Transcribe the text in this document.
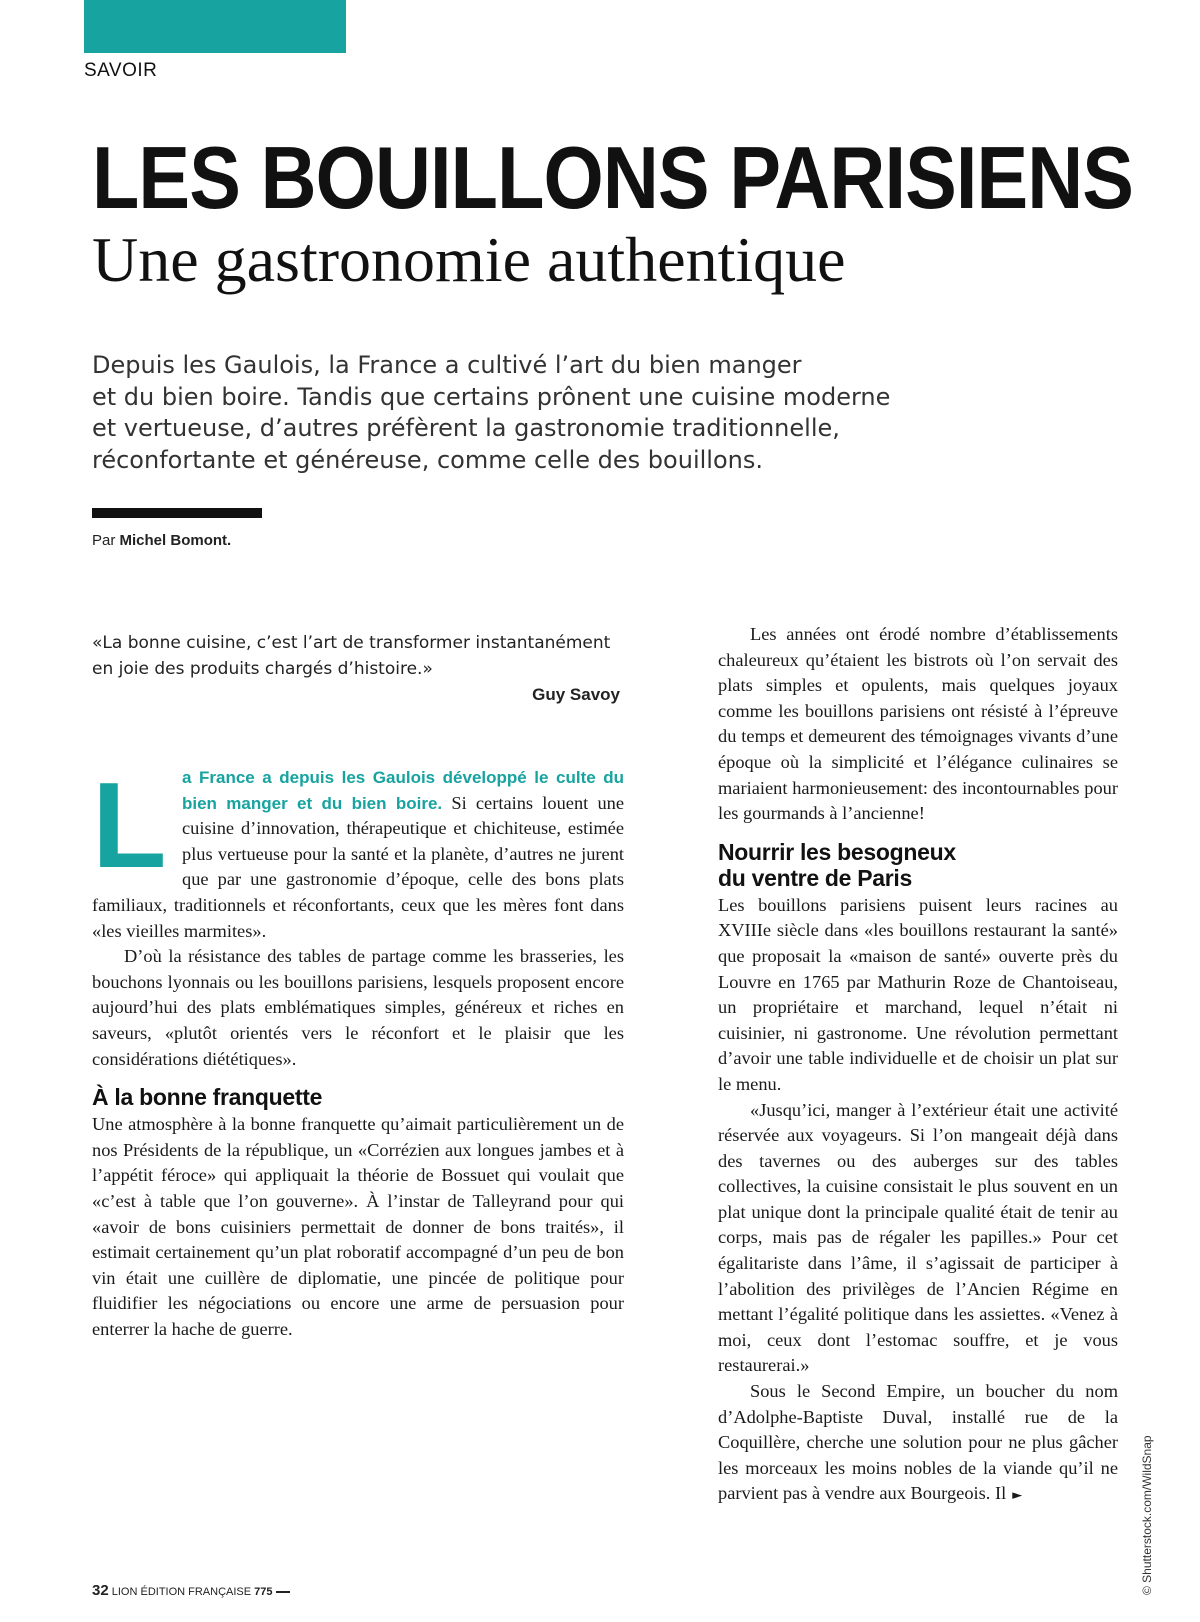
SAVOIR
LES BOUILLONS PARISIENS
Une gastronomie authentique
Depuis les Gaulois, la France a cultivé l’art du bien manger
et du bien boire. Tandis que certains prônent une cuisine moderne
et vertueuse, d’autres préfèrent la gastronomie traditionnelle,
réconfortante et généreuse, comme celle des bouillons.
Par Michel Bomont.
«La bonne cuisine, c’est l’art de transformer instantanément
en joie des produits chargés d’histoire.»
Guy Savoy

La France a depuis les Gaulois développé le culte du bien manger et du bien boire. Si certains louent une cuisine d’innovation, thérapeutique et chichiteuse, estimée plus vertueuse pour la santé et la planète, d’autres ne jurent que par une gastronomie d’époque, celle des bons plats familiaux, traditionnels et réconfortants, ceux que les mères font dans «les vieilles marmites».

D’où la résistance des tables de partage comme les brasseries, les bouchons lyonnais ou les bouillons parisiens, lesquels proposent encore aujourd’hui des plats emblématiques simples, généreux et riches en saveurs, «plutôt orientés vers le réconfort et le plaisir que les considérations diététiques».

À la bonne franquette

Une atmosphère à la bonne franquette qu’aimait particulièrement un de nos Présidents de la république, un «Corrézien aux longues jambes et à l’appétit féroce» qui appliquait la théorie de Bossuet qui voulait que «c’est à table que l’on gouverne». À l’instar de Talleyrand pour qui «avoir de bons cuisiniers permettait de donner de bons traités», il estimait certainement qu’un plat roboratif accompagné d’un peu de bon vin était une cuillère de diplomatie, une pincée de politique pour fluidifier les négociations ou encore une arme de persuasion pour enterrer la hache de guerre.

Les années ont érodé nombre d’établissements chaleureux qu’étaient les bistrots où l’on servait des plats simples et opulents, mais quelques joyaux comme les bouillons parisiens ont résisté à l’épreuve du temps et demeurent des témoignages vivants d’une époque où la simplicité et l’élégance culinaires se mariaient harmonieusement: des incontournables pour les gourmands à l’ancienne!

Nourrir les besogneux
du ventre de Paris

Les bouillons parisiens puisent leurs racines au XVIIIe siècle dans «les bouillons restaurant la santé» que proposait la «maison de santé» ouverte près du Louvre en 1765 par Mathurin Roze de Chantoiseau, un propriétaire et marchand, lequel n’était ni cuisinier, ni gastronome. Une révolution permettant d’avoir une table individuelle et de choisir un plat sur le menu.

«Jusqu’ici, manger à l’extérieur était une activité réservée aux voyageurs. Si l’on mangeait déjà dans des tavernes ou des auberges sur des tables collectives, la cuisine consistait le plus souvent en un plat unique dont la principale qualité était de tenir au corps, mais pas de régaler les papilles.» Pour cet égalitariste dans l’âme, il s’agissait de participer à l’abolition des privilèges de l’Ancien Régime en mettant l’égalité politique dans les assiettes. «Venez à moi, ceux dont l’estomac souffre, et je vous restaurerai.»

Sous le Second Empire, un boucher du nom d’Adolphe-Baptiste Duval, installé rue de la Coquillère, cherche une solution pour ne plus gâcher les morceaux les moins nobles de la viande qu’il ne parvient pas à vendre aux Bourgeois. Il ►	© Shutterstock.com/WildSnap
32 LION ÉDITION FRANÇAISE 775
